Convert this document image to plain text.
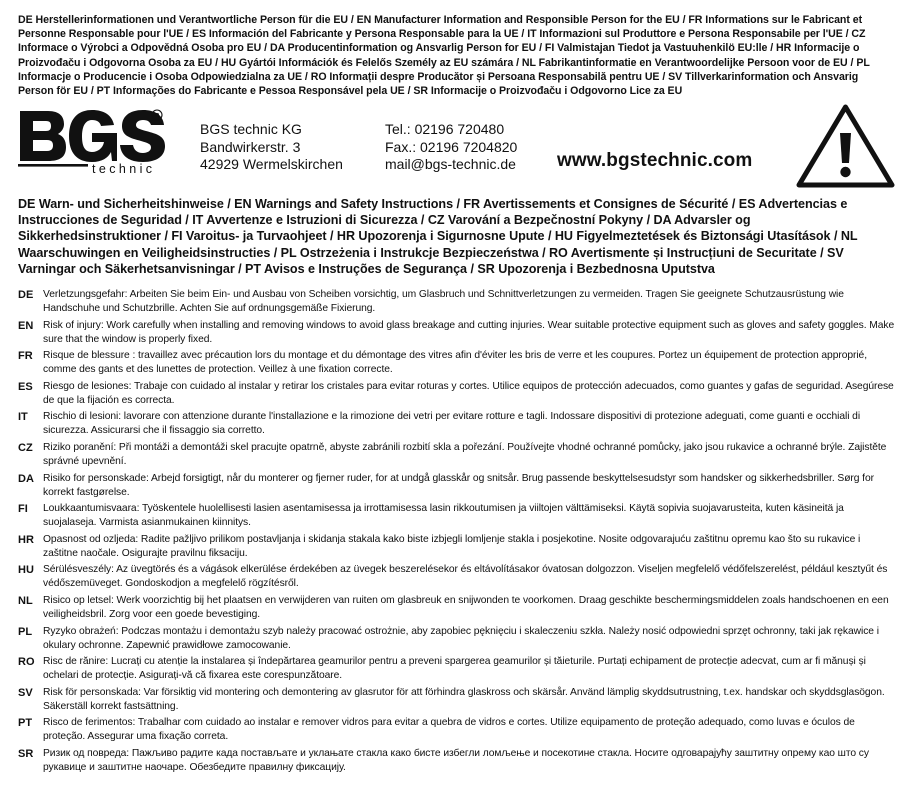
DE Herstellerinformationen und Verantwortliche Person für die EU / EN Manufacturer Information and Responsible Person for the EU / FR Informations sur le Fabricant et Personne Responsable pour l'UE / ES Información del Fabricante y Persona Responsable para la UE / IT Informazioni sul Produttore e Persona Responsabile per l'UE / CZ Informace o Výrobci a Odpovědná Osoba pro EU / DA Producentinformation og Ansvarlig Person for EU / FI Valmistajan Tiedot ja Vastuuhenkilö EU:lle / HR Informacije o Proizvođaču i Odgovorna Osoba za EU / HU Gyártói Információk és Felelős Személy az EU számára / NL Fabrikantinformatie en Verantwoordelijke Persoon voor de EU / PL Informacje o Producencie i Osoba Odpowiedzialna za UE / RO Informații despre Producător și Persoana Responsabilă pentru UE / SV Tillverkarinformation och Ansvarig Person för EU / PT Informações do Fabricante e Pessoa Responsável pela UE / SR Informacije o Proizvođaču i Odgovorno Lice za EU
R
technic
BGS technic KG
Bandwirkerstr. 3
42929 Wermelskirchen
Tel.: 02196 720480
Fax.: 02196 7204820
mail@bgs-technic.de www.bgstechnic.com
DE Warn- und Sicherheitshinweise / EN Warnings and Safety Instructions / FR Avertissements et Consignes de Sécurité / ES Advertencias e Instrucciones de Seguridad / IT Avvertenze e Istruzioni di Sicurezza / CZ Varování a Bezpečnostní Pokyny / DA Advarsler og Sikkerhedsinstruktioner / FI Varoitus- ja Turvaohjeet / HR Upozorenja i Sigurnosne Upute / HU Figyelmeztetések és Biztonsági Utasítások / NL Waarschuwingen en Veiligheidsinstructies / PL Ostrzeżenia i Instrukcje Bezpieczeństwa / RO Avertismente și Instrucțiuni de Securitate / SV Varningar och Säkerhetsanvisningar / PT Avisos e Instruções de Segurança / SR Upozorenja i Bezbednosna Uputstva
DE Verletzungsgefahr: Arbeiten Sie beim Ein- und Ausbau von Scheiben vorsichtig, um Glasbruch und Schnittverletzungen zu vermeiden. Tragen Sie geeignete Schutzausrüstung wie Handschuhe und Schutzbrille. Achten Sie auf ordnungsgemäße Fixierung.
EN Risk of injury: Work carefully when installing and removing windows to avoid glass breakage and cutting injuries. Wear suitable protective equipment such as gloves and safety goggles. Make sure that the window is properly fixed.
FR	Risque de blessure : travaillez avec précaution lors du montage et du démontage des vitres afin d'éviter les bris de verre et les coupures. Portez un équipement de protection approprié, comme des gants et des lunettes de protection. Veillez à une fixation correcte.
ES	Riesgo de lesiones: Trabaje con cuidado al instalar y retirar los cristales para evitar roturas y cortes. Utilice equipos de protección adecuados, como guantes y gafas de seguridad. Asegúrese de que la fijación es correcta.
IT	Rischio di lesioni: lavorare con attenzione durante l'installazione e la rimozione dei vetri per evitare rotture e tagli. Indossare dispositivi di protezione adeguati, come guanti e occhiali di sicurezza. Assicurarsi che il fissaggio sia corretto.
CZ	Riziko poranění: Při montáži a demontáži skel pracujte opatrně, abyste zabránili rozbití skla a pořezání. Používejte vhodné ochranné pomůcky, jako jsou rukavice a ochranné brýle. Zajistěte správné upevnění.
DA Risiko for personskade: Arbejd forsigtigt, når du monterer og fjerner ruder, for at undgå glasskår og snitsår. Brug passende beskyttelsesudstyr som handsker og sikkerhedsbriller. Sørg for korrekt fastgørelse.
FI	Loukkaantumisvaara: Työskentele huolellisesti lasien asentamisessa ja irrottamisessa lasin rikkoutumisen ja viiltojen välttämiseksi. Käytä sopivia suojavarusteita, kuten käsineitä ja suojalaseja. Varmista asianmukainen kiinnitys.
HR Opasnost od ozljeda: Radite pažljivo prilikom postavljanja i skidanja stakala kako biste izbjegli lomljenje stakla i posjekotine. Nosite odgovarajuću zaštitnu opremu kao što su rukavice i zaštitne naočale. Osigurajte pravilnu fiksaciju.
HU Sérülésveszély: Az üvegtörés és a vágások elkerülése érdekében az üvegek beszerelésekor és eltávolításakor óvatosan dolgozzon. Viseljen megfelelő védőfelszerelést, például kesztyűt és védőszemüveget. Gondoskodjon a megfelelő rögzítésről.
NL	Risico op letsel: Werk voorzichtig bij het plaatsen en verwijderen van ruiten om glasbreuk en snijwonden te voorkomen. Draag geschikte beschermingsmiddelen zoals handschoenen en een veiligheidsbril. Zorg voor een goede bevestiging.
PL	Ryzyko obrażeń: Podczas montażu i demontażu szyb należy pracować ostrożnie, aby zapobiec pęknięciu i skaleczeniu szkła. Należy nosić odpowiedni sprzęt ochronny, taki jak rękawice i okulary ochronne. Zapewnić prawidłowe zamocowanie.
RO Risc de rănire: Lucrați cu atenție la instalarea și îndepărtarea geamurilor pentru a preveni spargerea geamurilor și tăieturile. Purtați echipament de protecție adecvat, cum ar fi mănuși și ochelari de protecție. Asigurați-vă că fixarea este corespunzătoare.
SV	Risk för personskada: Var försiktig vid montering och demontering av glasrutor för att förhindra glaskross och skärsår. Använd lämplig skyddsutrustning, t.ex. handskar och skyddsglasögon. Säkerställ korrekt fastsättning.
PT	Risco de ferimentos: Trabalhar com cuidado ao instalar e remover vidros para evitar a quebra de vidros e cortes. Utilize equipamento de proteção adequado, como luvas e óculos de proteção. Assegurar uma fixação correta.
SR Ризик од повреда: Пажљиво радите када постављате и уклањате стакла како бисте избегли ломљење и посекотине стакла. Носите одговарајућу заштитну опрему као што су рукавице и заштитне наочаре. Обезбедите правилну фиксацију.
